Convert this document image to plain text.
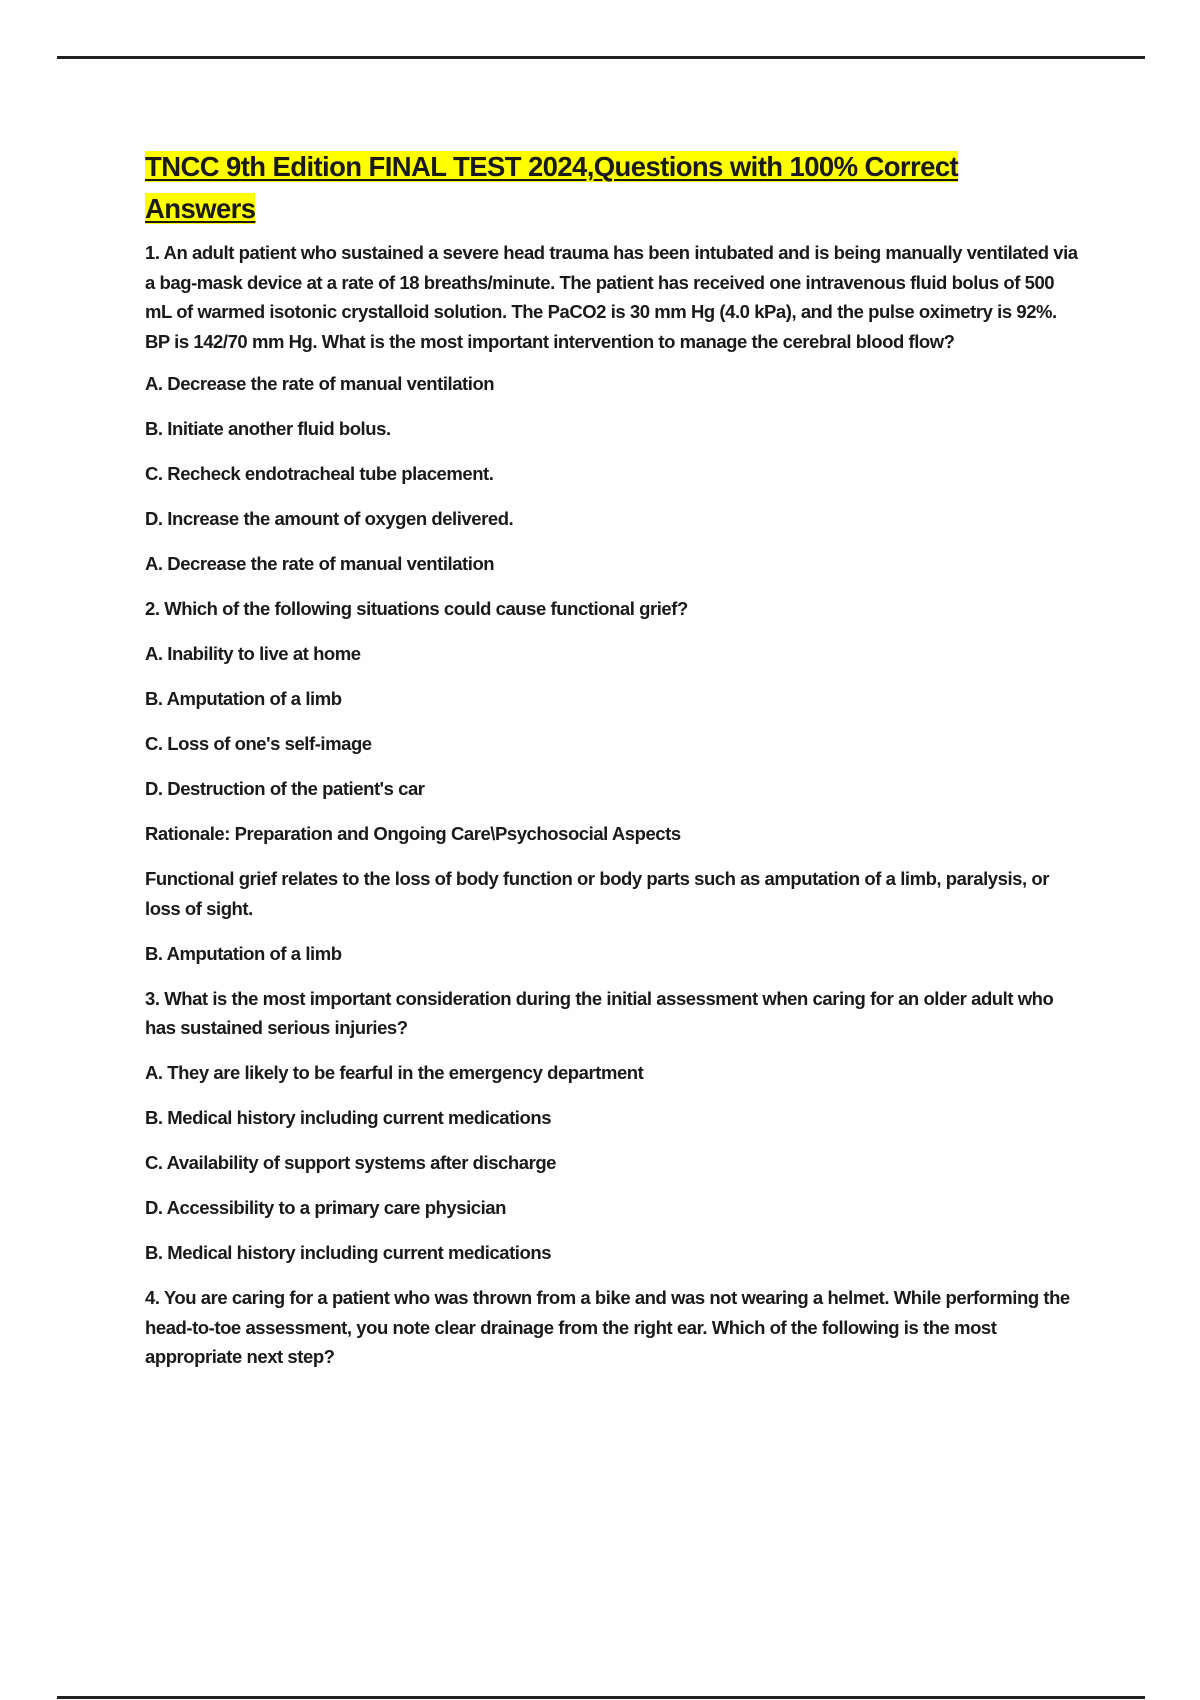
TNCC 9th Edition FINAL TEST 2024,Questions with 100% Correct
Answers

1. An adult patient who sustained a severe head trauma has been intubated and is being manually ventilated via a bag-mask device at a rate of 18 breaths/minute. The patient has received one intravenous fluid bolus of 500 mL of warmed isotonic crystalloid solution. The PaCO2 is 30 mm Hg (4.0 kPa), and the pulse oximetry is 92%. BP is 142/70 mm Hg. What is the most important intervention to manage the cerebral blood flow?

A. Decrease the rate of manual ventilation

B. Initiate another fluid bolus.

C. Recheck endotracheal tube placement.

D. Increase the amount of oxygen delivered.

A. Decrease the rate of manual ventilation

2. Which of the following situations could cause functional grief?

A. Inability to live at home

B. Amputation of a limb

C. Loss of one's self-image

D. Destruction of the patient's car

Rationale: Preparation and Ongoing Care\Psychosocial Aspects

Functional grief relates to the loss of body function or body parts such as amputation of a limb, paralysis, or loss of sight.

B. Amputation of a limb

3. What is the most important consideration during the initial assessment when caring for an older adult who has sustained serious injuries?

A. They are likely to be fearful in the emergency department

B. Medical history including current medications

C. Availability of support systems after discharge

D. Accessibility to a primary care physician

B. Medical history including current medications

4. You are caring for a patient who was thrown from a bike and was not wearing a helmet. While performing the head-to-toe assessment, you note clear drainage from the right ear. Which of the following is the most appropriate next step?
